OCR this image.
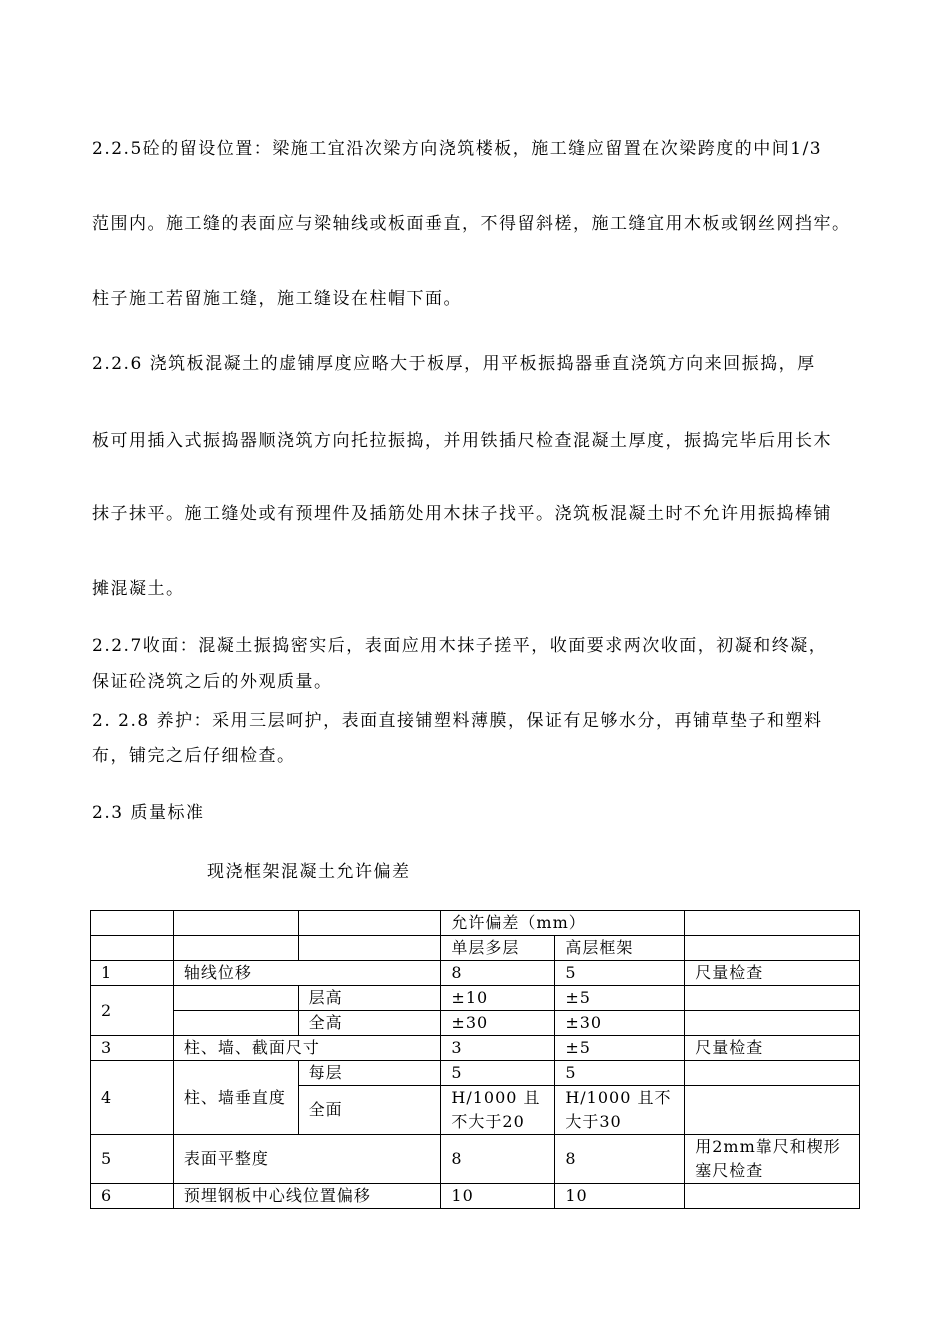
2.2.5砼的留设位置：梁施工宜沿次梁方向浇筑楼板，施工缝应留置在次梁跨度的中间1/3
范围内。施工缝的表面应与梁轴线或板面垂直，不得留斜槎，施工缝宜用木板或钢丝网挡牢。
柱子施工若留施工缝，施工缝设在柱帽下面。
2.2.6 浇筑板混凝土的虚铺厚度应略大于板厚，用平板振捣器垂直浇筑方向来回振捣，厚
板可用插入式振捣器顺浇筑方向托拉振捣，并用铁插尺检查混凝土厚度，振捣完毕后用长木
抹子抹平。施工缝处或有预埋件及插筋处用木抹子找平。浇筑板混凝土时不允许用振捣棒铺
摊混凝土。
2.2.7收面：混凝土振捣密实后，表面应用木抹子搓平，收面要求两次收面，初凝和终凝，
保证砼浇筑之后的外观质量。
2. 2.8 养护：采用三层呵护，表面直接铺塑料薄膜，保证有足够水分，再铺草垫子和塑料
布，铺完之后仔细检查。
2.3 质量标准
现浇框架混凝土允许偏差
			允许偏差（mm）		
			单层多层	高层框架	
1	轴线位移		8	5	尺量检查
2		层高	±10	±5	
		全高	±30	±30	
3	柱、墙、截面尺寸		3	±5	尺量检查
4	柱、墙垂直度	每层	5	5	
		全面	H/1000 且不大于20	H/1000 且不大于30	
5	表面平整度		8	8	用2mm靠尺和楔形塞尺检查
6	预埋钢板中心线位置偏移		10	10	
